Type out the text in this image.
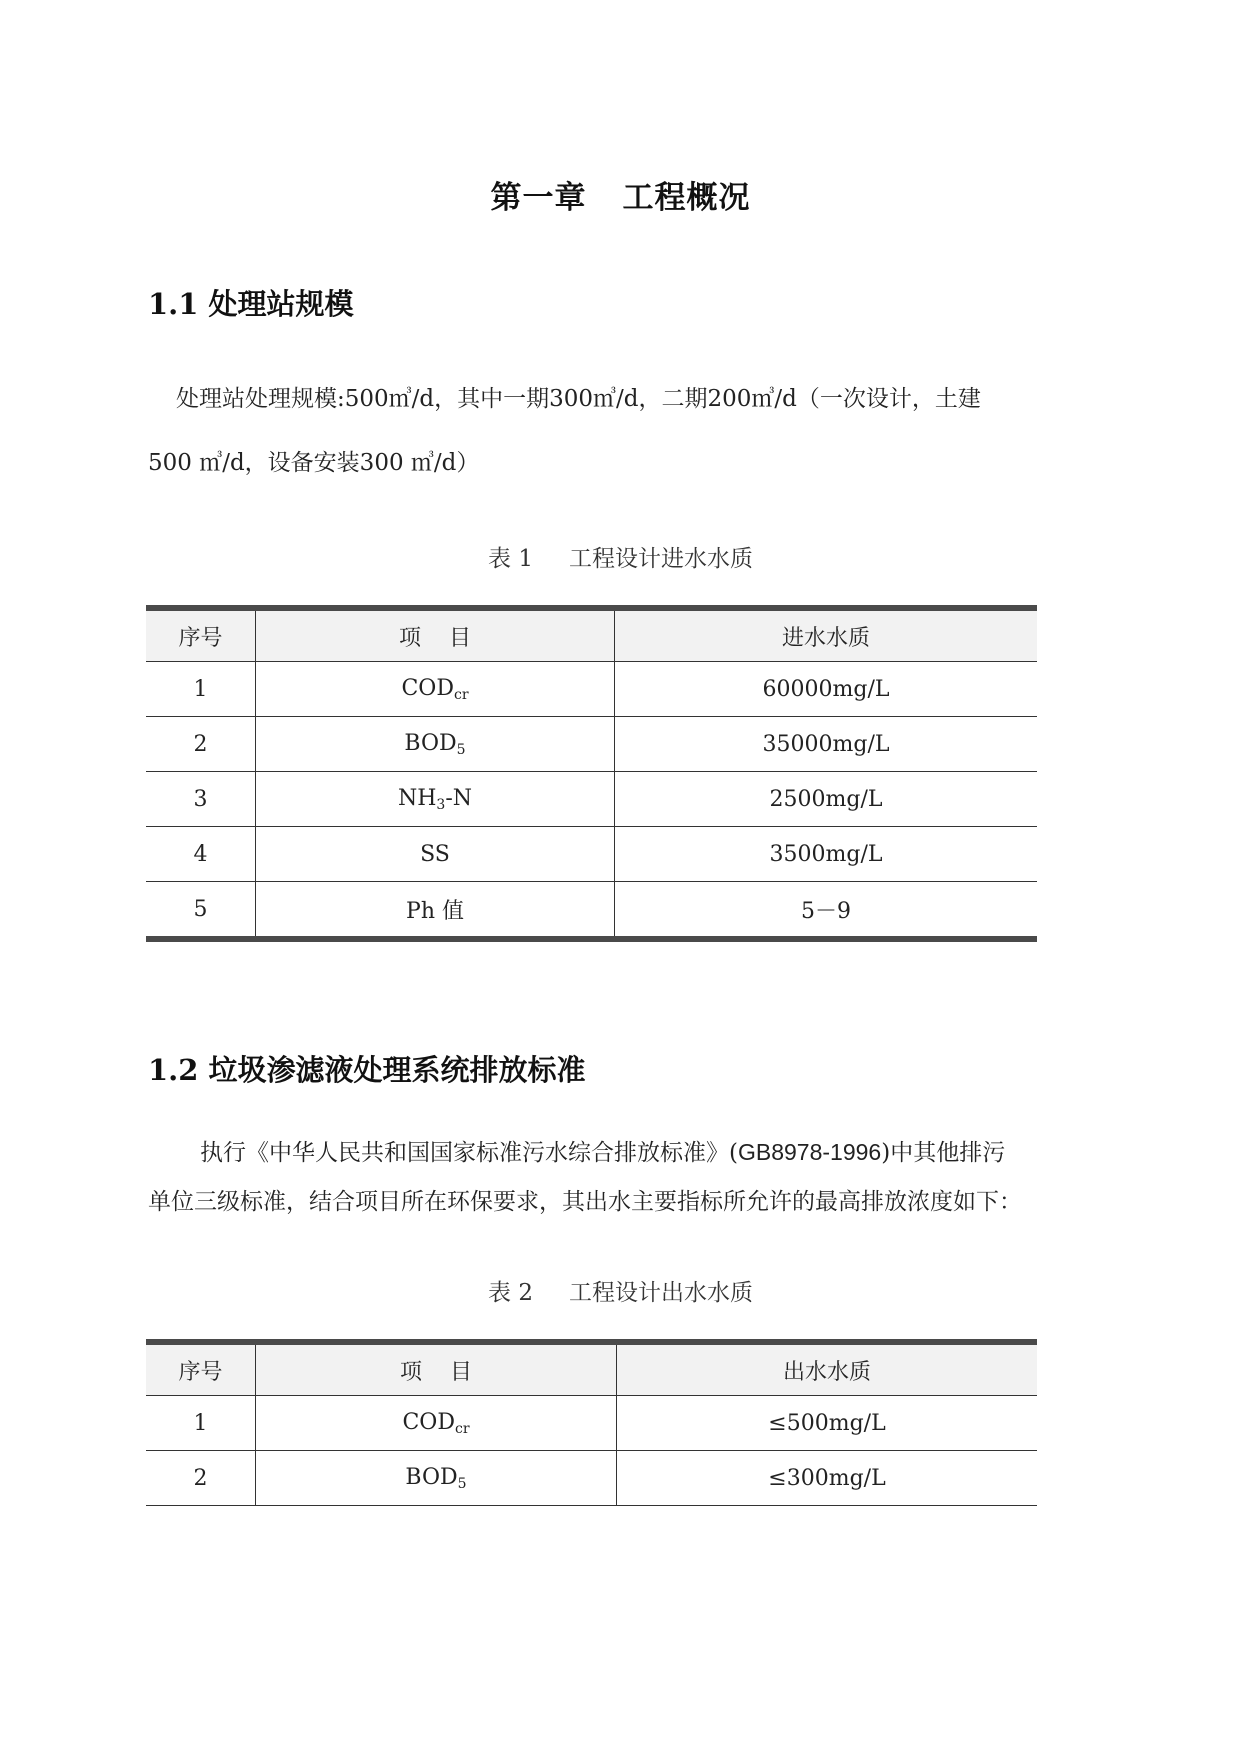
第一章 工程概况
1.1 处理站规模
处理站处理规模:500㎥/d，其中一期300㎥/d，二期200㎥/d（一次设计，土建
500 ㎥/d，设备安装300 ㎥/d）
表 1 工程设计进水水质
序号	项    目	进水水质
1	$COD_{cr}$	60000mg/L
2	$BOD_5$	35000mg/L
3	$NH_3-N$	2500mg/L
4	SS	3500mg/L
5	Ph 值	5－9
1.2 垃圾渗滤液处理系统排放标准
执行《中华人民共和国国家标准污水综合排放标准》(GB8978-1996)中其他排污
单位三级标准，结合项目所在环保要求，其出水主要指标所允许的最高排放浓度如下：
表 2 工程设计出水水质
序号	项    目	出水水质
1	$COD_{cr}$	≤500mg/L
2	$BOD_5$	≤300mg/L
